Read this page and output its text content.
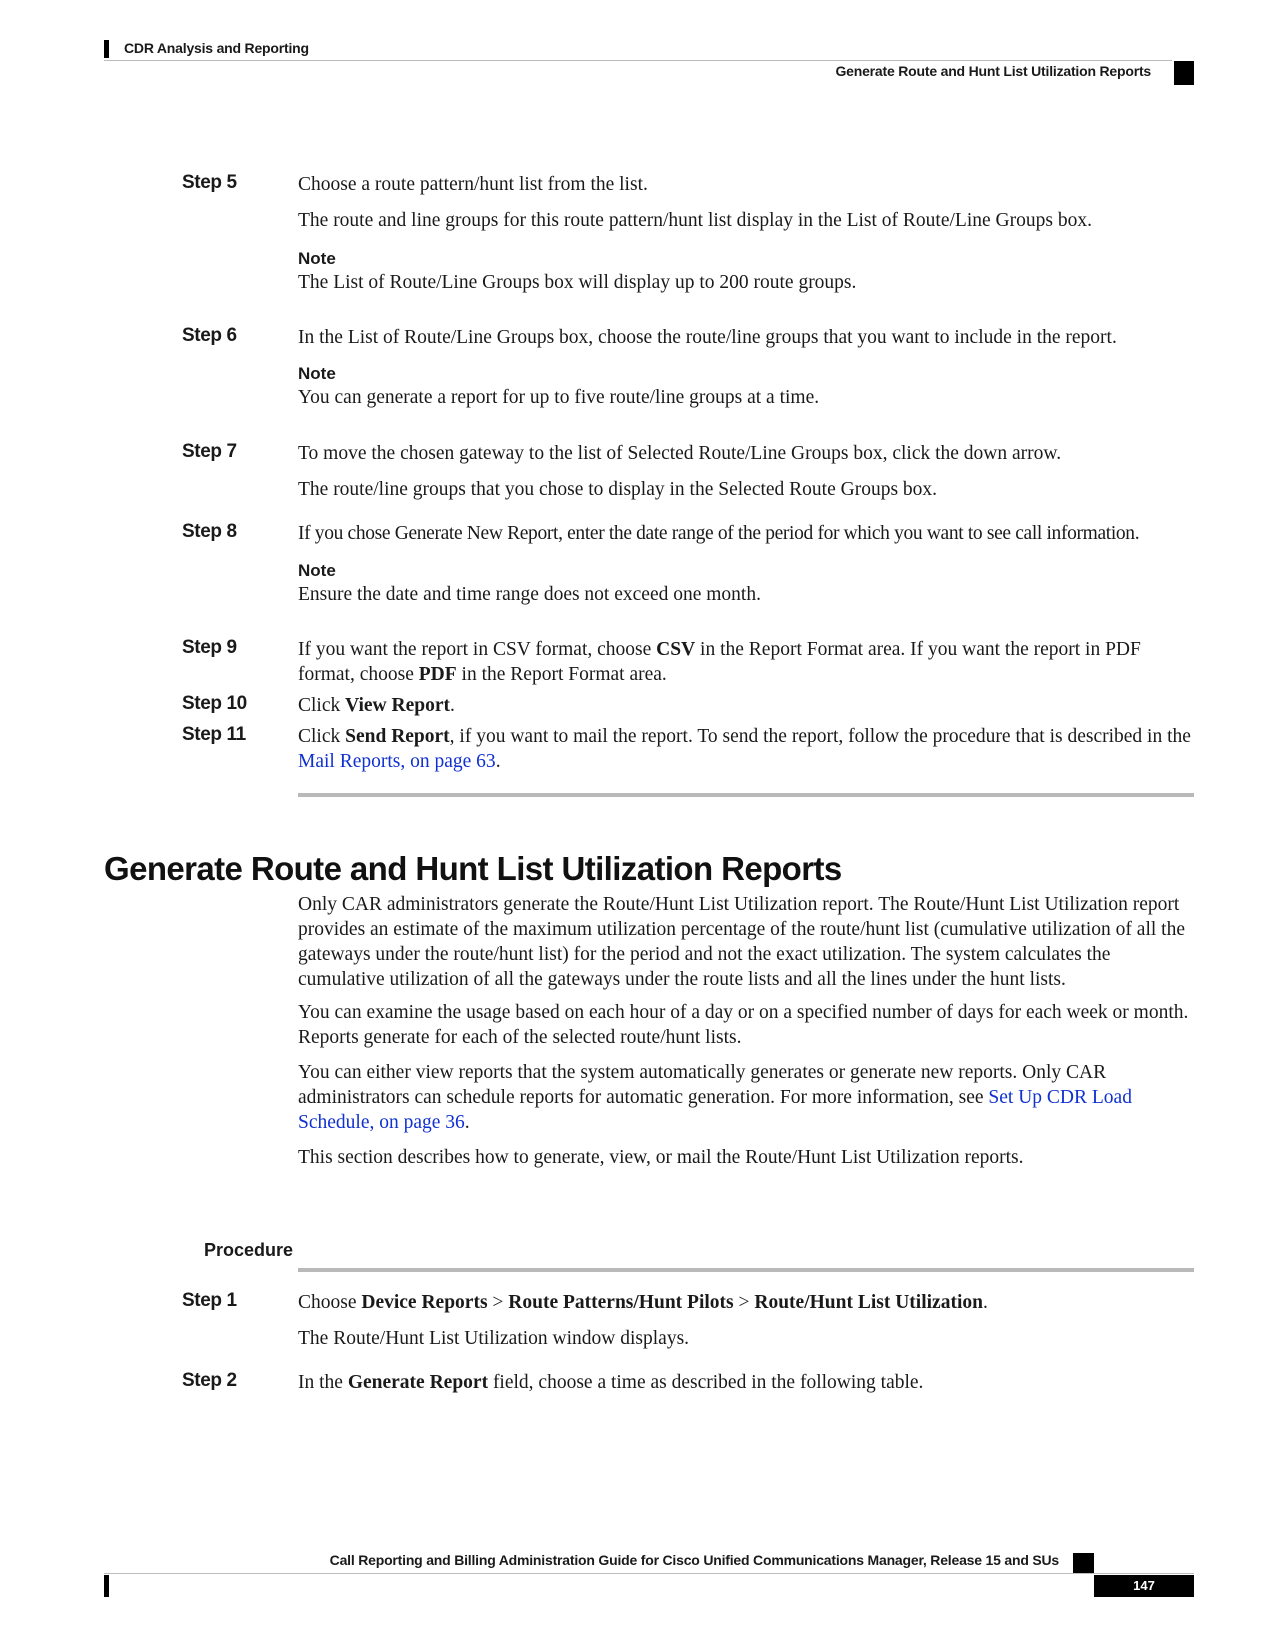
CDR Analysis and Reporting
Generate Route and Hunt List Utilization Reports
Step 5	Choose a route pattern/hunt list from the list.
The route and line groups for this route pattern/hunt list display in the List of Route/Line Groups box.
Note
The List of Route/Line Groups box will display up to 200 route groups.
Step 6	In the List of Route/Line Groups box, choose the route/line groups that you want to include in the report.
Note
You can generate a report for up to five route/line groups at a time.
Step 7	To move the chosen gateway to the list of Selected Route/Line Groups box, click the down arrow.
The route/line groups that you chose to display in the Selected Route Groups box.
Step 8	If you chose Generate New Report, enter the date range of the period for which you want to see call information.
Note
Ensure the date and time range does not exceed one month.
Step 9	If you want the report in CSV format, choose CSV in the Report Format area. If you want the report in PDF format, choose PDF in the Report Format area.
Step 10	Click View Report.
Step 11	Click Send Report, if you want to mail the report. To send the report, follow the procedure that is described in the Mail Reports, on page 63.
Generate Route and Hunt List Utilization Reports
Only CAR administrators generate the Route/Hunt List Utilization report. The Route/Hunt List Utilization report provides an estimate of the maximum utilization percentage of the route/hunt list (cumulative utilization of all the gateways under the route/hunt list) for the period and not the exact utilization. The system calculates the cumulative utilization of all the gateways under the route lists and all the lines under the hunt lists.
You can examine the usage based on each hour of a day or on a specified number of days for each week or month. Reports generate for each of the selected route/hunt lists.
You can either view reports that the system automatically generates or generate new reports. Only CAR administrators can schedule reports for automatic generation. For more information, see Set Up CDR Load Schedule, on page 36.
This section describes how to generate, view, or mail the Route/Hunt List Utilization reports.
Procedure
Step 1	Choose Device Reports > Route Patterns/Hunt Pilots > Route/Hunt List Utilization.
The Route/Hunt List Utilization window displays.
Step 2	In the Generate Report field, choose a time as described in the following table.
Call Reporting and Billing Administration Guide for Cisco Unified Communications Manager, Release 15 and SUs
147
